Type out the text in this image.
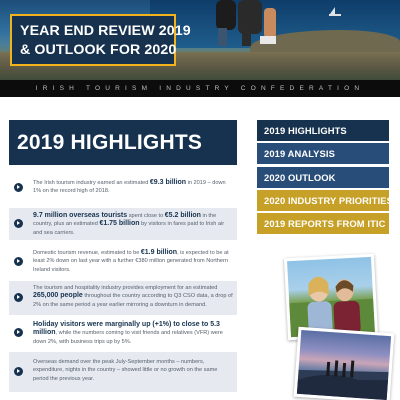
YEAR END REVIEW 2019
& OUTLOOK FOR 2020
IRISH TOURISM INDUSTRY CONFEDERATION
2019 HIGHLIGHTS
The Irish tourism industry earned an estimated €9.3 billion in 2019 – down 1% on the record high of 2018.
9.7 million overseas tourists spent close to €5.2 billion in the country, plus an estimated €1.75 billion by visitors in fares paid to Irish air and sea carriers.
Domestic tourism revenue, estimated to be €1.9 billion, is expected to be at least 2% down on last year with a further €380 million generated from Northern Ireland visitors.
The tourism and hospitality industry provides employment for an estimated 265,000 people throughout the country according to Q3 CSO data, a drop of 2% on the same period a year earlier mirroring a downturn in demand.
Holiday visitors were marginally up (+1%) to close to 5.3 million, while the numbers coming to visit friends and relatives (VFR) were down 2%, with business trips up by 5%.
Overseas demand over the peak July-September months – numbers, expenditure, nights in the country – showed little or no growth on the same period the previous year.
2019 HIGHLIGHTS
2019 ANALYSIS
2020 OUTLOOK
2020 INDUSTRY PRIORITIES
2019 REPORTS FROM ITIC
